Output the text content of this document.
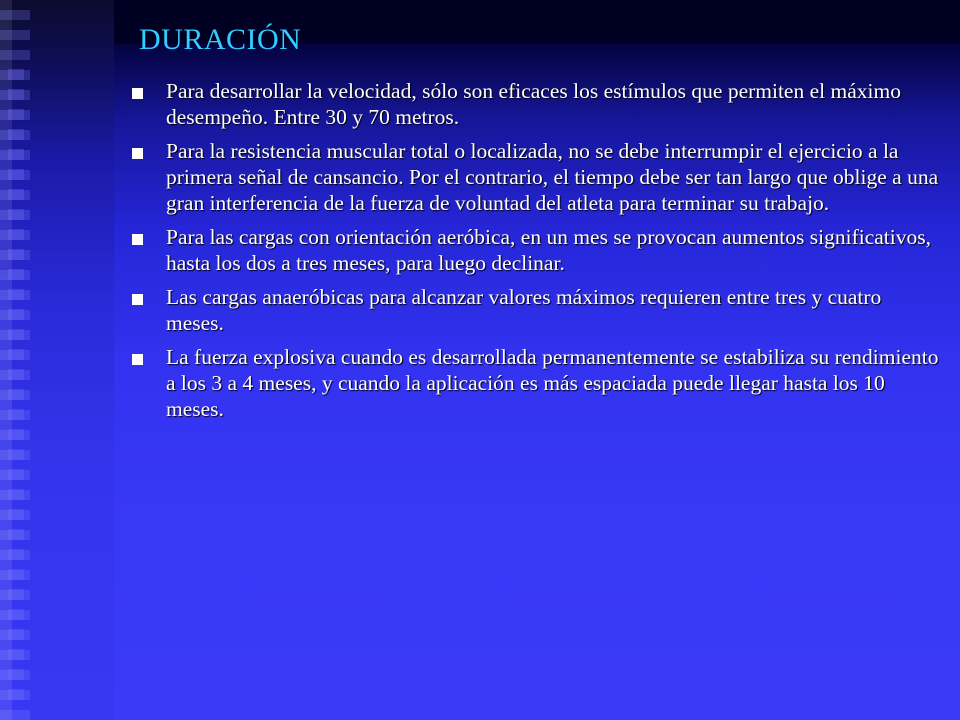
DURACIÓN
Para desarrollar la velocidad, sólo son eficaces los estímulos que permiten el máximo desempeño. Entre 30 y 70 metros.
Para la resistencia muscular total o localizada, no se debe interrumpir el ejercicio a la primera señal de cansancio. Por el contrario, el tiempo debe ser tan largo que oblige a una gran interferencia de la fuerza de voluntad del atleta para terminar su trabajo.
Para las cargas con orientación aeróbica, en un mes se provocan aumentos significativos, hasta los dos a tres meses, para luego declinar.
Las cargas anaeróbicas para alcanzar valores máximos requieren entre tres y cuatro meses.
La fuerza explosiva cuando es desarrollada permanentemente se estabiliza su rendimiento a los 3 a 4 meses, y cuando la aplicación es más espaciada puede llegar hasta los 10 meses.
